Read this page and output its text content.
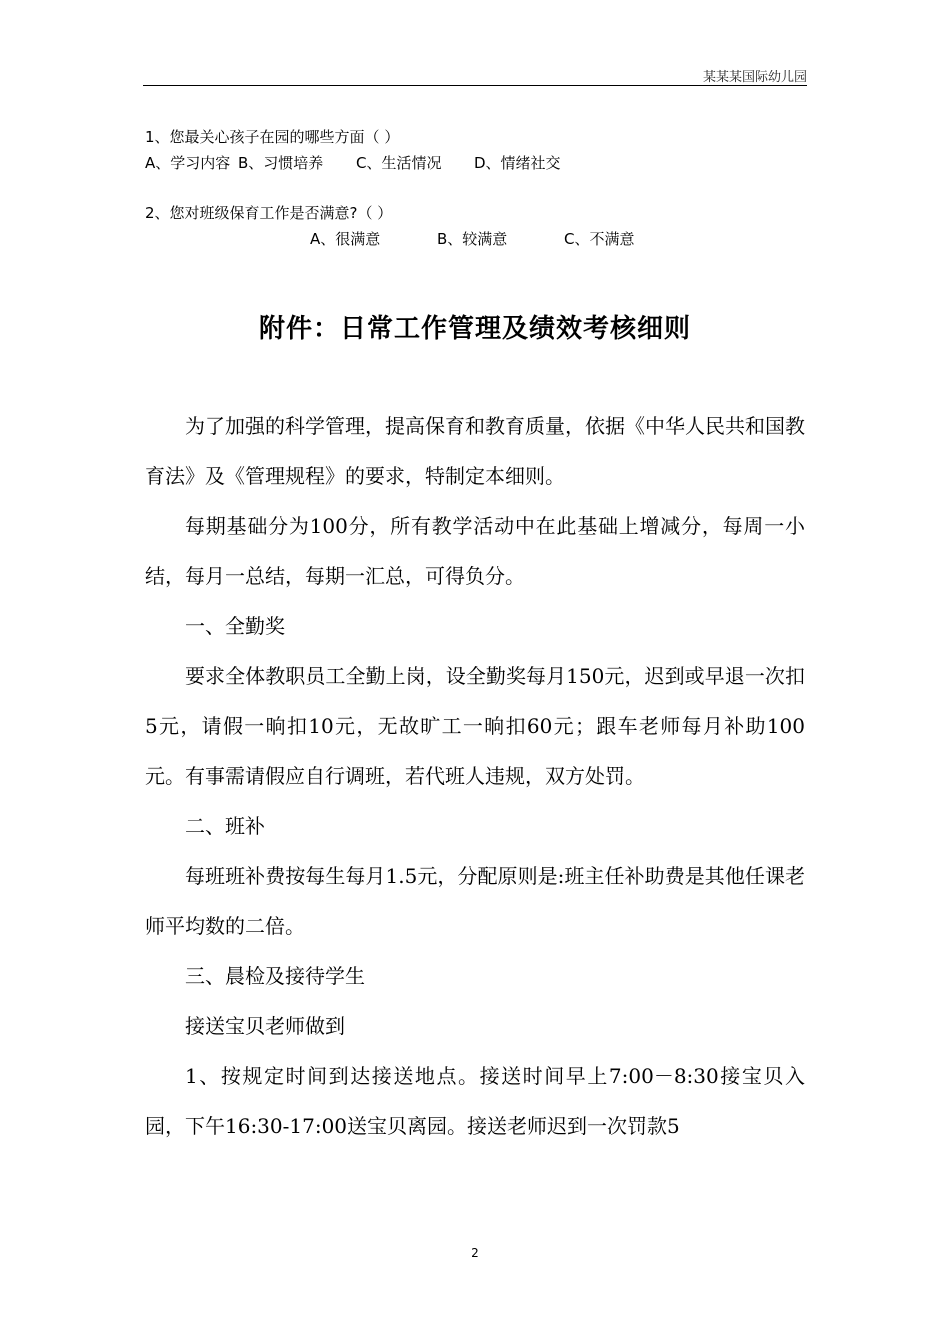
某某某国际幼儿园
1、您最关心孩子在园的哪些方面（ ）
A、学习内容 B、习惯培养 C、生活情况 D、情绪社交
2、您对班级保育工作是否满意?（ ）
A、很满意	B、较满意	C、不满意
附件：日常工作管理及绩效考核细则

为了加强的科学管理，提高保育和教育质量，依据《中华人民共和国教育法》及《管理规程》的要求，特制定本细则。

每期基础分为100分，所有教学活动中在此基础上增减分，每周一小结，每月一总结，每期一汇总，可得负分。

一、全勤奖

要求全体教职员工全勤上岗，设全勤奖每月150元，迟到或早退一次扣5元，请假一晌扣10元，无故旷工一晌扣60元；跟车老师每月补助100元。有事需请假应自行调班，若代班人违规，双方处罚。

二、班补

每班班补费按每生每月1.5元，分配原则是:班主任补助费是其他任课老师平均数的二倍。

三、晨检及接待学生

接送宝贝老师做到

1、按规定时间到达接送地点。接送时间早上7:00－8:30接宝贝入园，下午16:30-17:00送宝贝离园。接送老师迟到一次罚款5

2
